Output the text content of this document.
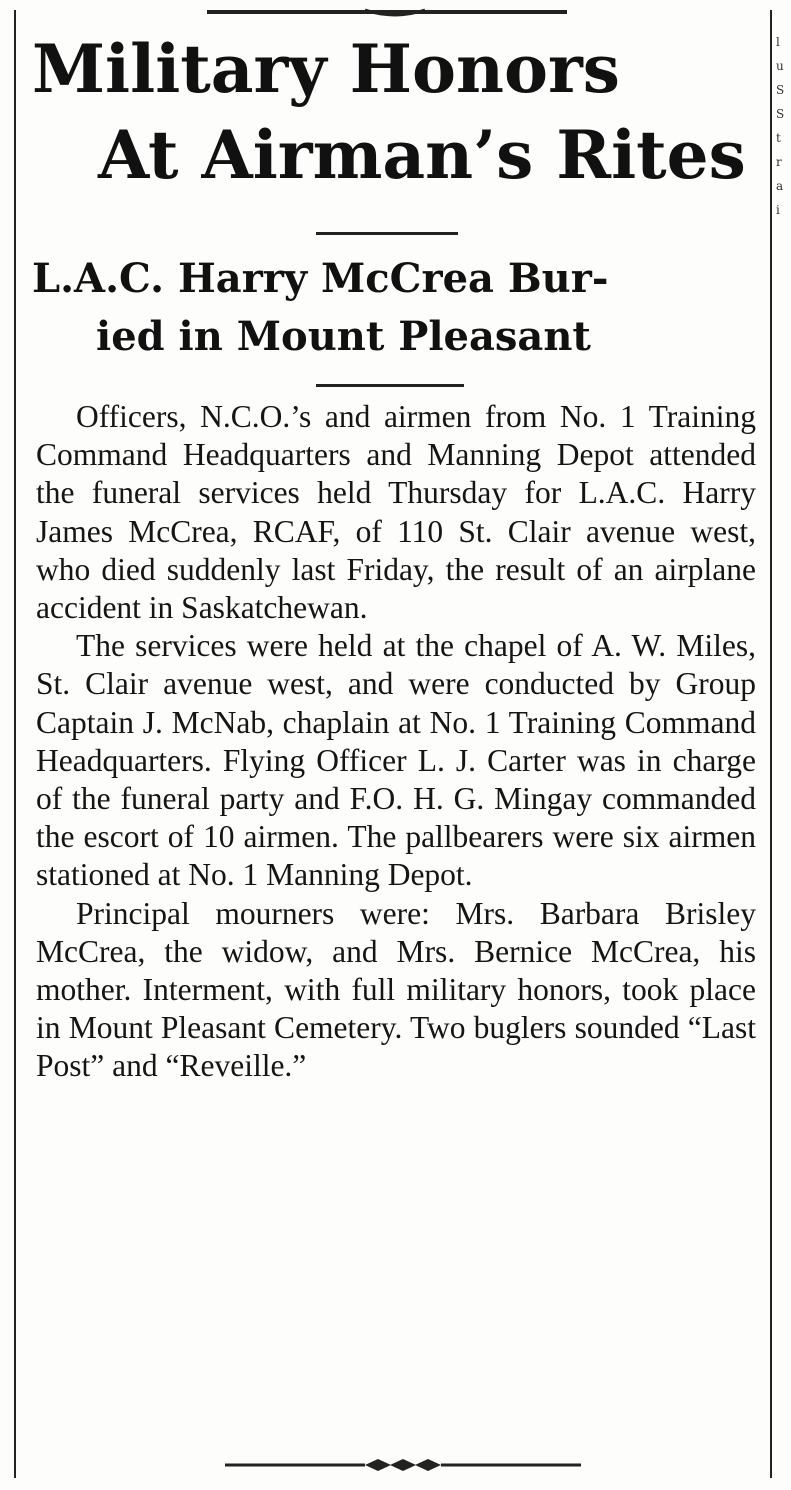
l
u
S
S
t
r
a
i
Military Honors
At Airman’s Rites
L.A.C. Harry McCrea Bur-
ied in Mount Pleasant

Officers, N.C.O.’s and airmen from No. 1 Training Command Headquarters and Manning Depot attended the funeral services held Thursday for L.A.C. Harry James McCrea, RCAF, of 110 St. Clair avenue west, who died suddenly last Friday, the result of an airplane accident in Saskatchewan.

The services were held at the chapel of A. W. Miles, St. Clair avenue west, and were conducted by Group Captain J. McNab, chaplain at No. 1 Training Command Headquarters. Flying Officer L. J. Carter was in charge of the funeral party and F.O. H. G. Mingay commanded the escort of 10 airmen. The pallbearers were six airmen stationed at No. 1 Manning Depot.

Principal mourners were: Mrs. Barbara Brisley McCrea, the widow, and Mrs. Bernice McCrea, his mother. Interment, with full military honors, took place in Mount Pleasant Cemetery. Two buglers sounded “Last Post” and “Reveille.”
